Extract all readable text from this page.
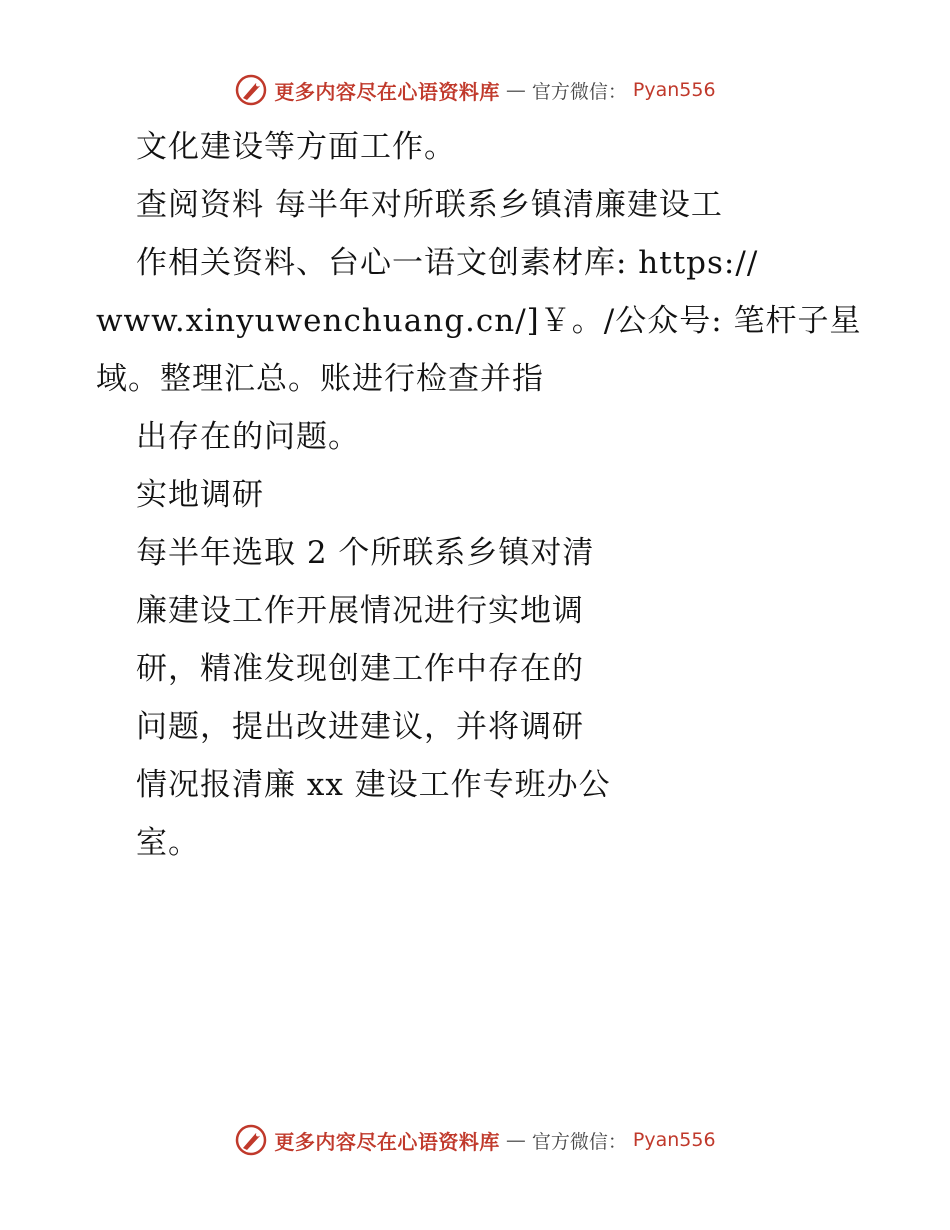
更多内容尽在心语资料库 — 官方微信： Pyan556
文化建设等方面工作。
查阅资料 每半年对所联系乡镇清廉建设工
作相关资料、台心一语文创素材库: https://
www.xinyuwenchuang.cn/]￥。/公众号: 笔杆子星
域。整理汇总。账进行检查并指
出存在的问题。
实地调研
每半年选取 2 个所联系乡镇对清
廉建设工作开展情况进行实地调
研，精准发现创建工作中存在的
问题，提出改进建议，并将调研
情况报清廉 xx 建设工作专班办公
室。
更多内容尽在心语资料库 — 官方微信： Pyan556
